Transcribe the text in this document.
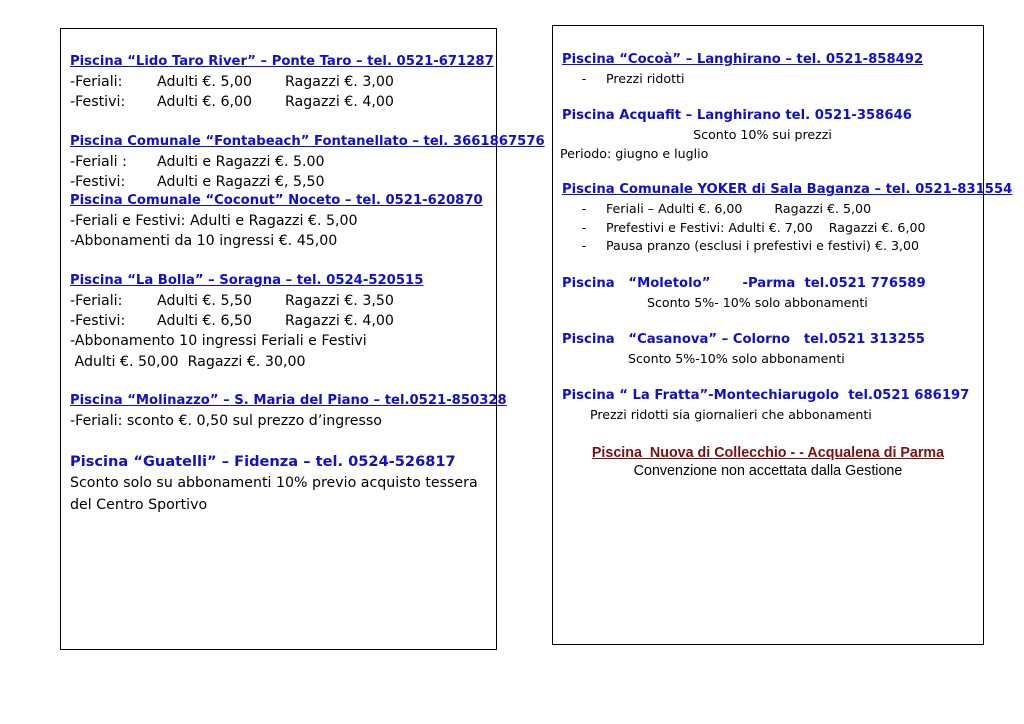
Piscina “Lido Taro River” – Ponte Taro – tel. 0521-671287
-Feriali:	Adulti €. 5,00	Ragazzi €. 3,00
-Festivi:	Adulti €. 6,00	Ragazzi €. 4,00
Piscina Comunale “Fontabeach” Fontanellato – tel. 3661867576
-Feriali :	Adulti e Ragazzi €. 5.00
-Festivi:	Adulti e Ragazzi €, 5,50
Piscina Comunale “Coconut” Noceto – tel. 0521-620870
-Feriali e Festivi: Adulti e Ragazzi €. 5,00
-Abbonamenti da 10 ingressi €. 45,00
Piscina “La Bolla” – Soragna – tel. 0524-520515
-Feriali:	Adulti €. 5,50	Ragazzi €. 3,50
-Festivi:	Adulti €. 6,50	Ragazzi €. 4,00
-Abbonamento 10 ingressi Feriali e Festivi
Adulti €. 50,00  Ragazzi €. 30,00
Piscina “Molinazzo” – S. Maria del Piano – tel.0521-850328
-Feriali: sconto €. 0,50 sul prezzo d’ingresso
Piscina “Guatelli” – Fidenza – tel. 0524-526817
Sconto solo su abbonamenti 10% previo acquisto tessera del Centro Sportivo
Piscina “Cocoà” – Langhirano – tel. 0521-858492
-	Prezzi ridotti
Piscina Acquafit – Langhirano tel. 0521-358646
Sconto 10% sui prezzi
Periodo: giugno e luglio
Piscina Comunale YOKER di Sala Baganza – tel. 0521-831554
-	Feriali – Adulti €. 6,00        Ragazzi €. 5,00
-	Prefestivi e Festivi: Adulti €. 7,00    Ragazzi €. 6,00
-	Pausa pranzo (esclusi i prefestivi e festivi) €. 3,00
Piscina   “Moletolo”       -Parma  tel.0521 776589
Sconto 5%- 10% solo abbonamenti
Piscina   “Casanova” – Colorno   tel.0521 313255
Sconto 5%-10% solo abbonamenti
Piscina “ La Fratta”-Montechiarugolo  tel.0521 686197
Prezzi ridotti sia giornalieri che abbonamenti
Piscina  Nuova di Collecchio - - Acqualena di Parma
Convenzione non accettata dalla Gestione
